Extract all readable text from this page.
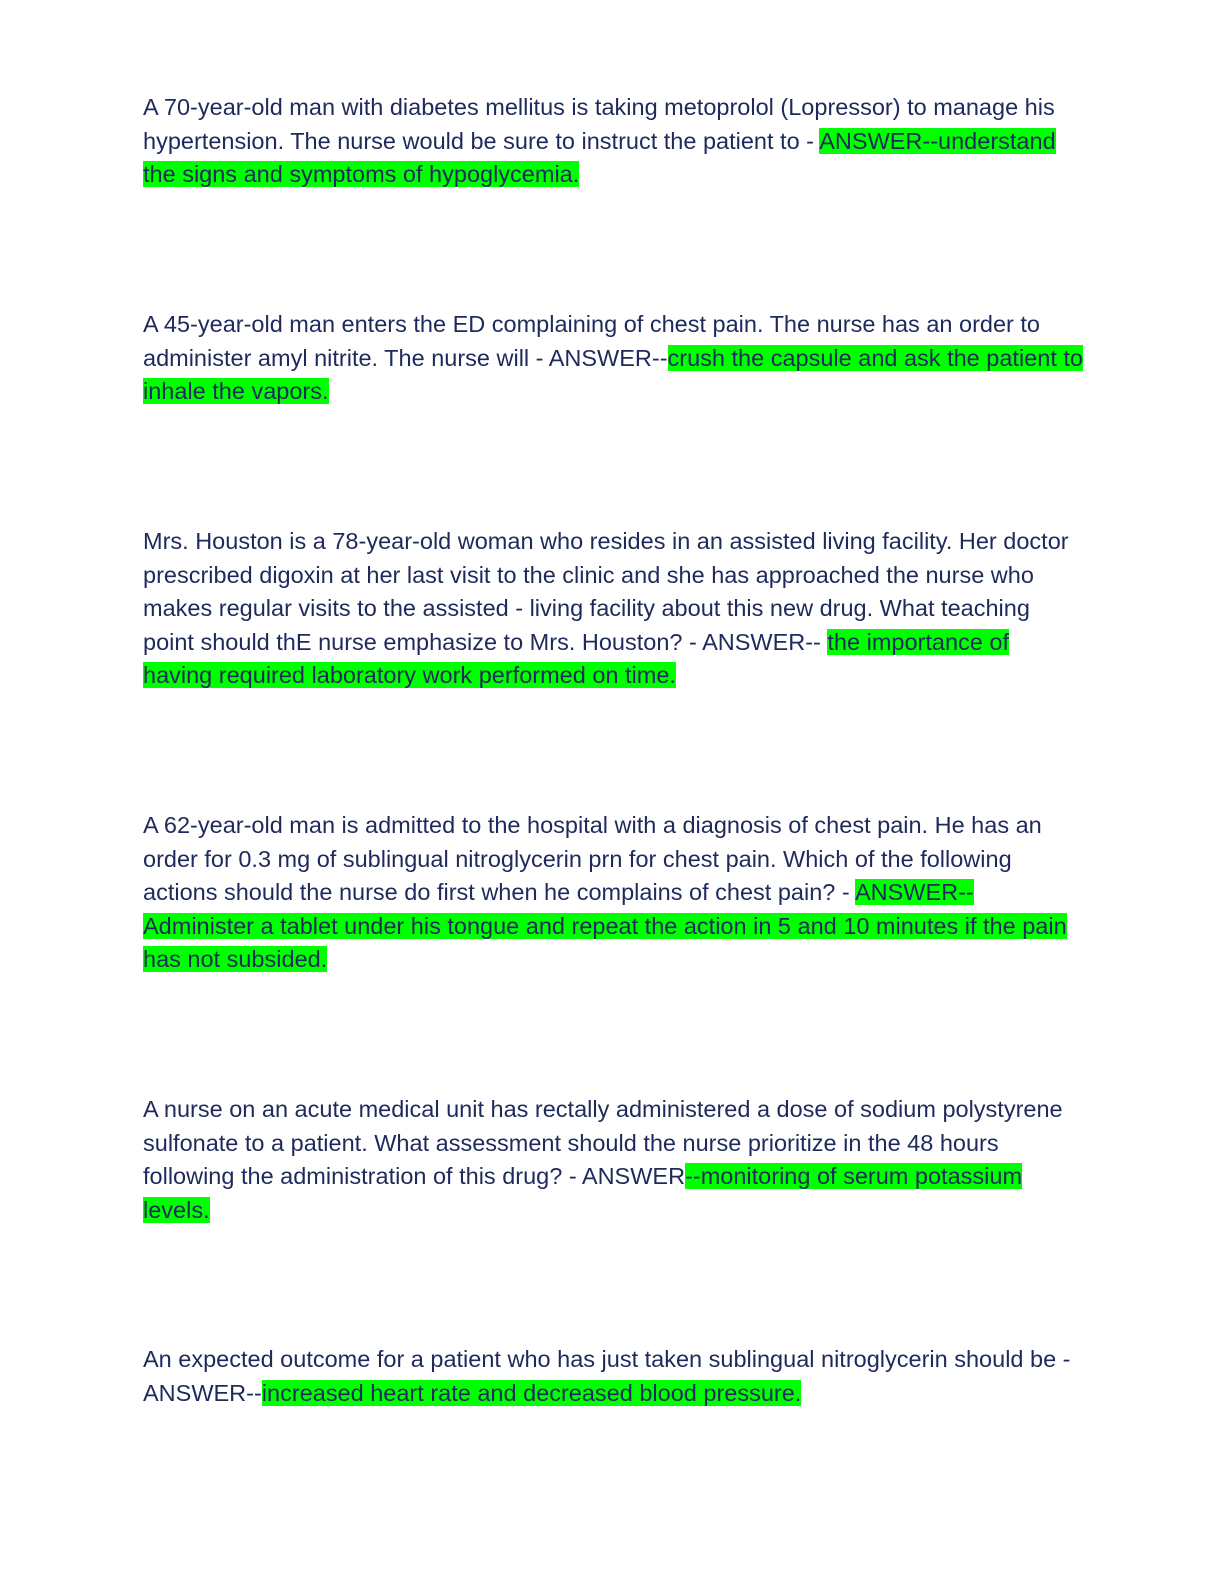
A 70-year-old man with diabetes mellitus is taking metoprolol (Lopressor) to manage his hypertension. The nurse would be sure to instruct the patient to - ANSWER--understand the signs and symptoms of hypoglycemia.

A 45-year-old man enters the ED complaining of chest pain. The nurse has an order to administer amyl nitrite. The nurse will - ANSWER--crush the capsule and ask the patient to inhale the vapors.

Mrs. Houston is a 78-year-old woman who resides in an assisted living facility. Her doctor prescribed digoxin at her last visit to the clinic and she has approached the nurse who makes regular visits to the assisted - living facility about this new drug. What teaching point should thE nurse emphasize to Mrs. Houston? - ANSWER-- the importance of having required laboratory work performed on time.

A 62-year-old man is admitted to the hospital with a diagnosis of chest pain. He has an order for 0.3 mg of sublingual nitroglycerin prn for chest pain. Which of the following actions should the nurse do first when he complains of chest pain? - ANSWER--Administer a tablet under his tongue and repeat the action in 5 and 10 minutes if the pain has not subsided.

A nurse on an acute medical unit has rectally administered a dose of sodium polystyrene sulfonate to a patient. What assessment should the nurse prioritize in the 48 hours following the administration of this drug? - ANSWER--monitoring of serum potassium levels.

An expected outcome for a patient who has just taken sublingual nitroglycerin should be - ANSWER--increased heart rate and decreased blood pressure.
